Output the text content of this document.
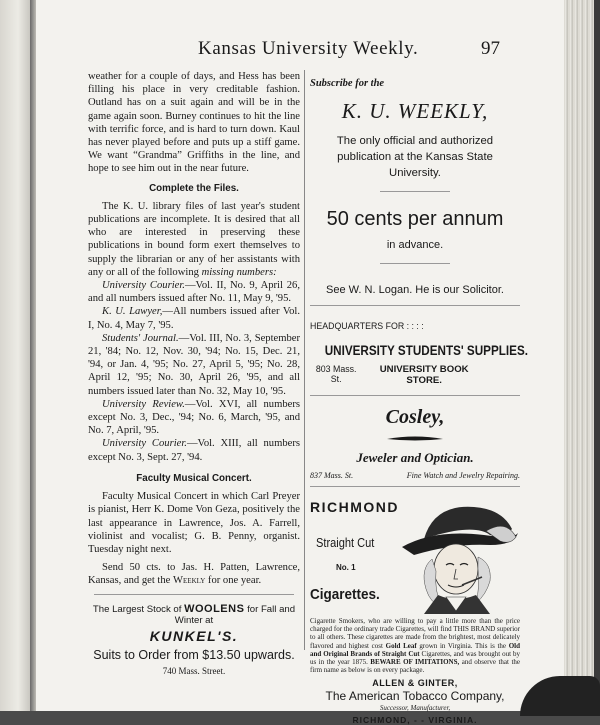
Kansas University Weekly.	97

weather for a couple of days, and Hess has been filling his place in very creditable fashion. Outland has on a suit again and will be in the game again soon. Burney continues to hit the line with terrific force, and is hard to turn down. Kaul has never played before and puts up a stiff game. We want “Grandma” Griffiths in the line, and hope to see him out in the near future.

Complete the Files.

The K. U. library files of last year's student publications are incomplete. It is desired that all who are interested in preserving these publications in bound form exert themselves to supply the librarian or any of her assistants with any or all of the following missing numbers:

University Courier.—Vol. II, No. 9, April 26, and all numbers issued after No. 11, May 9, '95.

K. U. Lawyer,—All numbers issued after Vol. I, No. 4, May 7, '95.

Students' Journal.—Vol. III, No. 3, September 21, '84; No. 12, Nov. 30, '94; No. 15, Dec. 21, '94, or Jan. 4, '95; No. 27, April 5, '95; No. 28, April 12, '95; No. 30, April 26, '95, and all numbers issued later than No. 32, May 10, '95.

University Review.—Vol. XVI, all numbers except No. 3, Dec., '94; No. 6, March, '95, and No. 7, April, '95.

University Courier.—Vol. XIII, all numbers except No. 3, Sept. 27, '94.

Faculty Musical Concert.

Faculty Musical Concert in which Carl Preyer is pianist, Herr K. Dome Von Geza, positively the last appearance in Lawrence, Jos. A. Farrell, violinist and vocalist; G. B. Penny, organist. Tuesday night next.

Send 50 cts. to Jas. H. Patten, Lawrence, Kansas, and get the Weekly for one year.

The Largest Stock of WOOLENS for Fall and Winter at
KUNKEL'S.
Suits to Order from $13.50 upwards.
740 Mass. Street.
Subscribe for the
K. U. WEEKLY,
The only official and authorized publication at the Kansas State University.
50 cents per annum
in advance.
See W. N. Logan. He is our Solicitor.
HEADQUARTERS FOR : : : :
UNIVERSITY STUDENTS' SUPPLIES.
803 Mass. St.
UNIVERSITY BOOK STORE.
Cosley,
Jeweler and Optician.
837 Mass. St.	Fine Watch and Jewelry Repairing.
RICHMOND
Straight Cut
No. 1
Cigarettes.
Cigarette Smokers, who are willing to pay a little more than the price charged for the ordinary trade Cigarettes, will find THIS BRAND superior to all others. These cigarettes are made from the brightest, most delicately flavored and highest cost Gold Leaf grown in Virginia. This is the Old and Original Brands of Straight Cut Cigarettes, and was brought out by us in the year 1875. BEWARE OF IMITATIONS, and observe that the firm name as below is on every package.
ALLEN & GINTER,
The American Tobacco Company,
Successor, Manufacturer,
RICHMOND, - - VIRGINIA.
